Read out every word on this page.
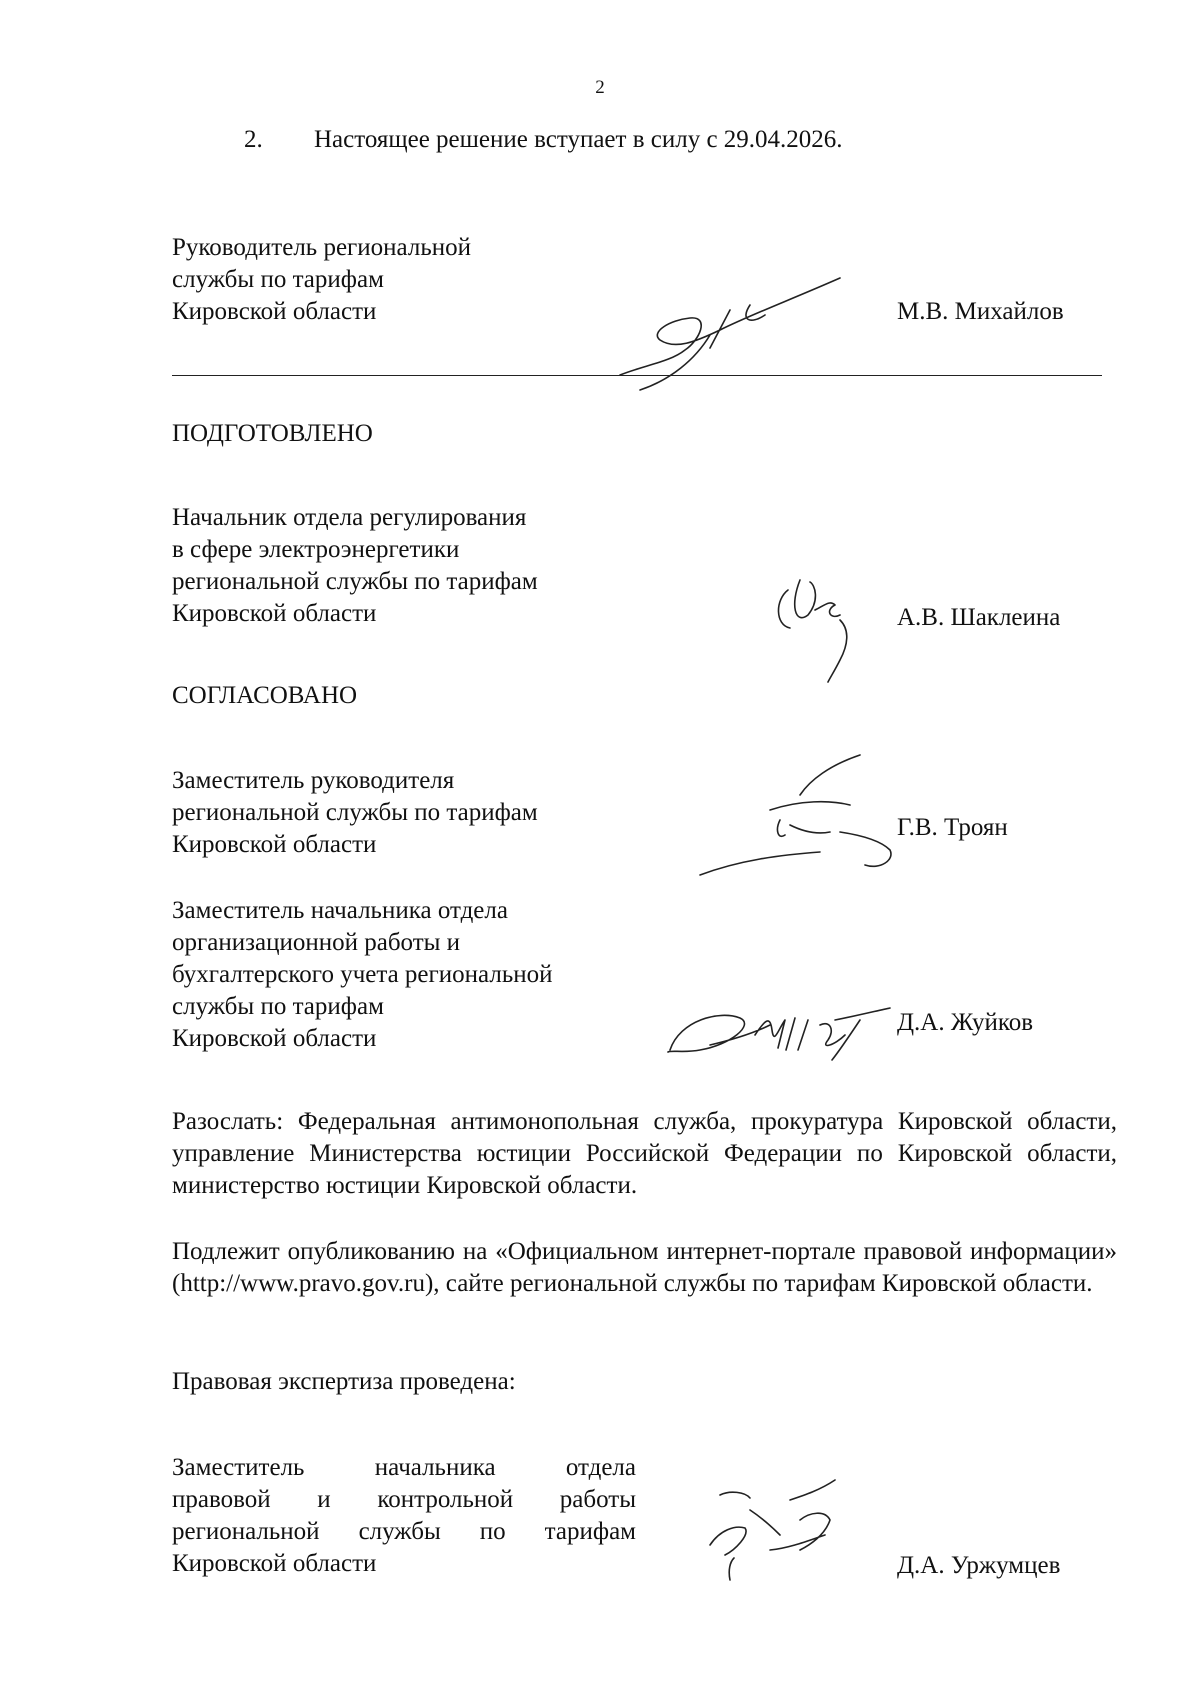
2
2. Настоящее решение вступает в силу с 29.04.2026.
Руководитель региональной
службы по тарифам
Кировской области	М.В. Михайлов
ПОДГОТОВЛЕНО
Начальник отдела регулирования
в сфере электроэнергетики
региональной службы по тарифам
Кировской области	А.В. Шаклеина
СОГЛАСОВАНО
Заместитель руководителя
региональной службы по тарифам
Кировской области
Г.В. Троян
Заместитель начальника отдела
организационной работы и
бухгалтерского учета региональной
службы по тарифам
Кировской области
Д.А. Жуйков
Разослать: Федеральная антимонопольная служба, прокуратура Кировской области, управление Министерства юстиции Российской Федерации по Кировской области, министерство юстиции Кировской области.
Подлежит опубликованию на «Официальном интернет-портале правовой информации» (http://www.pravo.gov.ru), сайте региональной службы по тарифам Кировской области.
Правовая экспертиза проведена:
Заместитель начальника отдела
правовой и контрольной работы
региональной службы по тарифам
Кировской области	Д.А. Уржумцев
